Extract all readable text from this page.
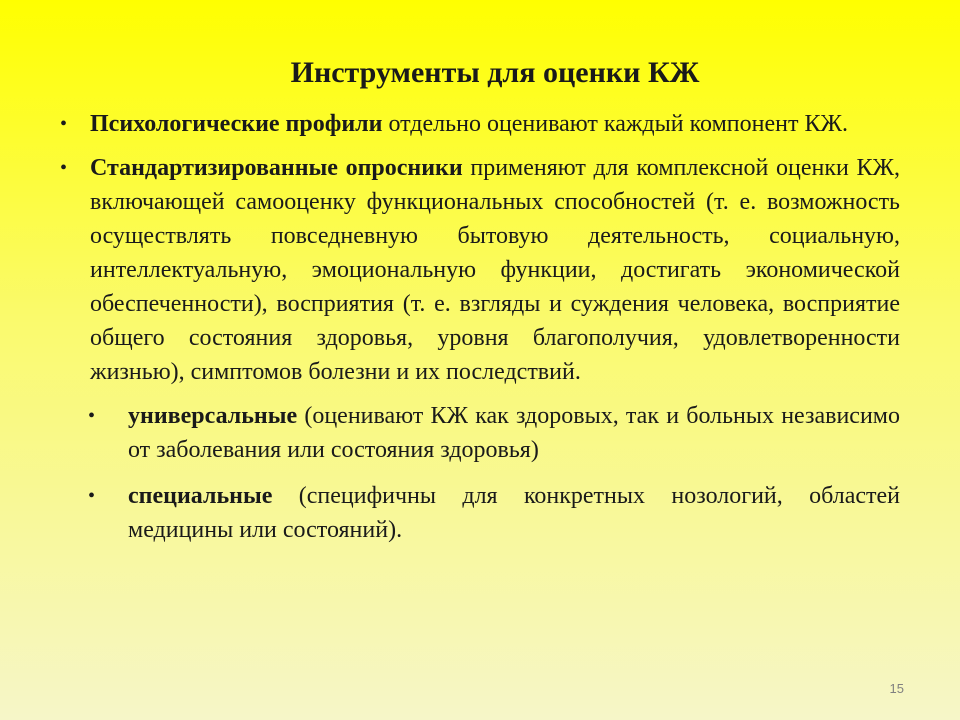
Инструменты для оценки КЖ
• Психологические профили отдельно оценивают каждый компонент КЖ.
• Стандартизированные опросники применяют для комплексной оценки КЖ, включающей самооценку функциональных способностей (т. е. возможность осуществлять повседневную бытовую деятельность, социальную, интеллектуальную, эмоциональную функции, достигать экономической обеспеченности), восприятия (т. е. взгляды и суждения человека, восприятие общего состояния здоровья, уровня благополучия, удовлетворенности жизнью), симптомов болезни и их последствий.
• универсальные (оценивают КЖ как здоровых, так и больных независимо от заболевания или состояния здоровья)
• специальные (специфичны для конкретных нозологий, областей медицины или состояний).
15
